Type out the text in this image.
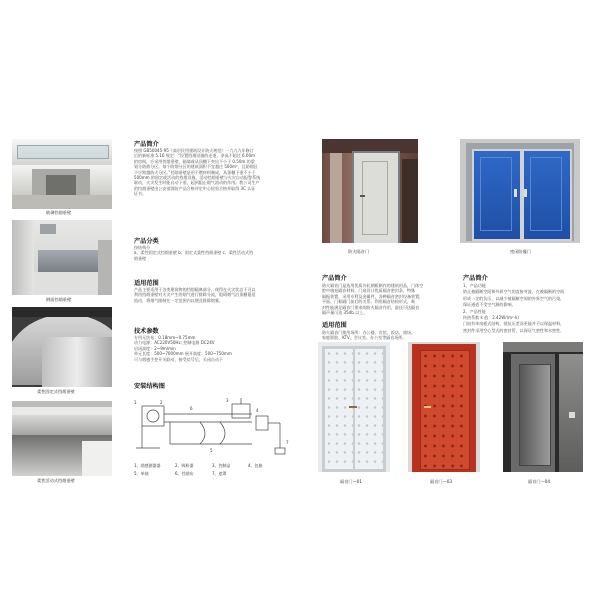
玻璃挡烟垂壁
钢质挡烟垂壁
柔性固定式挡烟垂壁
柔性活动式挡烟垂壁
产品简介

按照 GB50045-95《高层民用建筑设计防火规范》一九九九年修订

后的新标准 5.16 规定：“设置挡烟设施的走道，净高不超过 6.00m

的房间，应采用挡烟垂壁、隔墙或从顶棚下突出不小于 0.50m 的梁

划分防烟分区。每个防烟分区的建筑面积不宜超过 500m²，且防烟区

不应跨越防火分区。”挡烟垂壁是用不燃材料制成，从顶棚下垂不小于

500mm 的固定或活动的挡烟设施。活动挡烟垂壁与火灾自动报警系统

联动，火灾发生时能自动下垂，起到阻止烟气流动的作用。我公司生产

的挡烟垂壁由公安部消防产品合格评定中心检验合格并取得 3C 认证

证书。

产品分类

按结构分

a、柔性固定式挡烟垂壁 b、固定式柔性挡烟垂壁 c、柔性活动式挡

烟垂壁

适用范围

产品主要适用于各类建筑物的挡烟隔离部分，使得在火灾状态下可以

利用挡烟垂壁对火灾产生的烟气进行排除分流，阻碍烟气沿顶棚蔓延

流动，将烟气限制在一定范围内以便及排除烟雾。

技术参数

专用无纺布：0.18mm~0.75mm

动力电源：AC220V50Hz; 控制电源 DC24V

启闭高度：2~9m/min

单元长度：500~7000mm 展开高度：500~750mm

可与烟感手控开关联动，接受信号后，关闭自动下

安装结构图
1	2
6
3
4
5
7
1、烟感测器器	2、吸粉器	3、控制盒	4、包箱
5、单轴	6、挡烟布	7、遮罩
防火隔音门	密闭防爆门
产品简介

防火隔音门是选用优质冷轧钢板制作的建筑用品，门体空

腔中填充隔音材料，门扇设计优质隔音密封条，特殊

隔振装置，采用专利及金属件，各种隔音密封设备装置，

平面、门框隔门前后的关系。利用隔音结构形式，吸

封性能满足隔音门要求的防火隔音作用，最佳可达隔音

隔声量可达 35db 以上。

适用范围

防火隔音门使用场所：办公楼、宾馆、饭店、商场、

家庭影院、KTV、会议室、办公室等隔音场所。

产品简介

1、产品功能

防止被隔断空间和外界空气的直接对流，在被隔断的空间

形成一定的负压，以减少被隔断空间的外界空气的污染，

保证通道不受空气源的影响。

2、产品性能

传热系数 k 值：2.42W/(m²·k)

门扇有单扇板式结构，抵抗压差而更能并不以保温材料，

密封件采用空心型式的密封管，以保证气密性和水密性。

隔音门—01	隔音门—03	隔音门—04
